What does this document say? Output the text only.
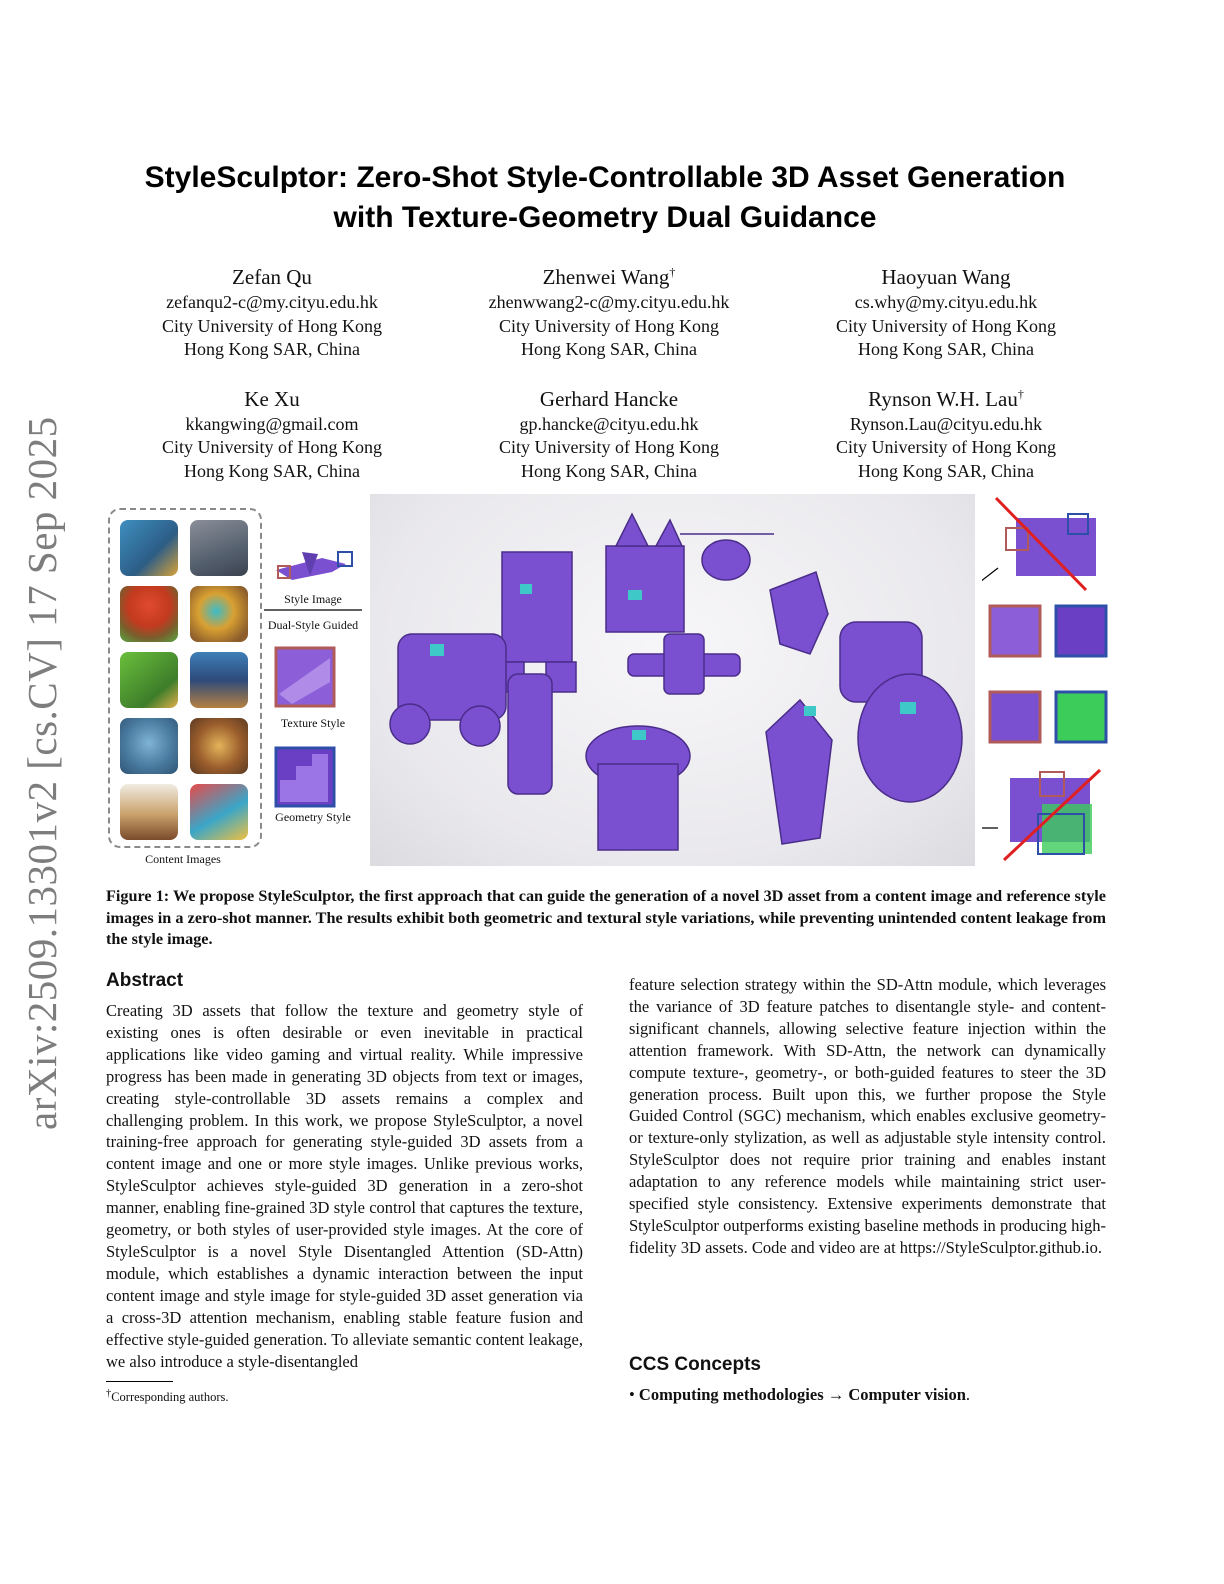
arXiv:2509.13301v2 [cs.CV] 17 Sep 2025
StyleSculptor: Zero-Shot Style-Controllable 3D Asset Generation
with Texture-Geometry Dual Guidance
Zefan Qu
zefanqu2-c@my.cityu.edu.hk
City University of Hong Kong
Hong Kong SAR, China
Zhenwei Wang†
zhenwwang2-c@my.cityu.edu.hk
City University of Hong Kong
Hong Kong SAR, China
Haoyuan Wang
cs.why@my.cityu.edu.hk
City University of Hong Kong
Hong Kong SAR, China
Ke Xu
kkangwing@gmail.com
City University of Hong Kong
Hong Kong SAR, China
Gerhard Hancke
gp.hancke@cityu.edu.hk
City University of Hong Kong
Hong Kong SAR, China
Rynson W.H. Lau†
Rynson.Lau@cityu.edu.hk
City University of Hong Kong
Hong Kong SAR, China
Content Images
Style Image
Dual-Style Guided
Texture Style
Geometry Style
Figure 1: We propose StyleSculptor, the first approach that can guide the generation of a novel 3D asset from a content image and reference style images in a zero-shot manner. The results exhibit both geometric and textural style variations, while preventing unintended content leakage from the style image.
Abstract
Creating 3D assets that follow the texture and geometry style of existing ones is often desirable or even inevitable in practical applications like video gaming and virtual reality. While impressive progress has been made in generating 3D objects from text or images, creating style-controllable 3D assets remains a complex and challenging problem. In this work, we propose StyleSculptor, a novel training-free approach for generating style-guided 3D assets from a content image and one or more style images. Unlike previous works, StyleSculptor achieves style-guided 3D generation in a zero-shot manner, enabling fine-grained 3D style control that captures the texture, geometry, or both styles of user-provided style images. At the core of StyleSculptor is a novel Style Disentangled Attention (SD-Attn) module, which establishes a dynamic interaction between the input content image and style image for style-guided 3D asset generation via a cross-3D attention mechanism, enabling stable feature fusion and effective style-guided generation. To alleviate semantic content leakage, we also introduce a style-disentangled
feature selection strategy within the SD-Attn module, which leverages the variance of 3D feature patches to disentangle style- and content-significant channels, allowing selective feature injection within the attention framework. With SD-Attn, the network can dynamically compute texture-, geometry-, or both-guided features to steer the 3D generation process. Built upon this, we further propose the Style Guided Control (SGC) mechanism, which enables exclusive geometry- or texture-only stylization, as well as adjustable style intensity control. StyleSculptor does not require prior training and enables instant adaptation to any reference models while maintaining strict user-specified style consistency. Extensive experiments demonstrate that StyleSculptor outperforms existing baseline methods in producing high-fidelity 3D assets. Code and video are at https://StyleSculptor.github.io.
†Corresponding authors.
CCS Concepts
• Computing methodologies → Computer vision.
